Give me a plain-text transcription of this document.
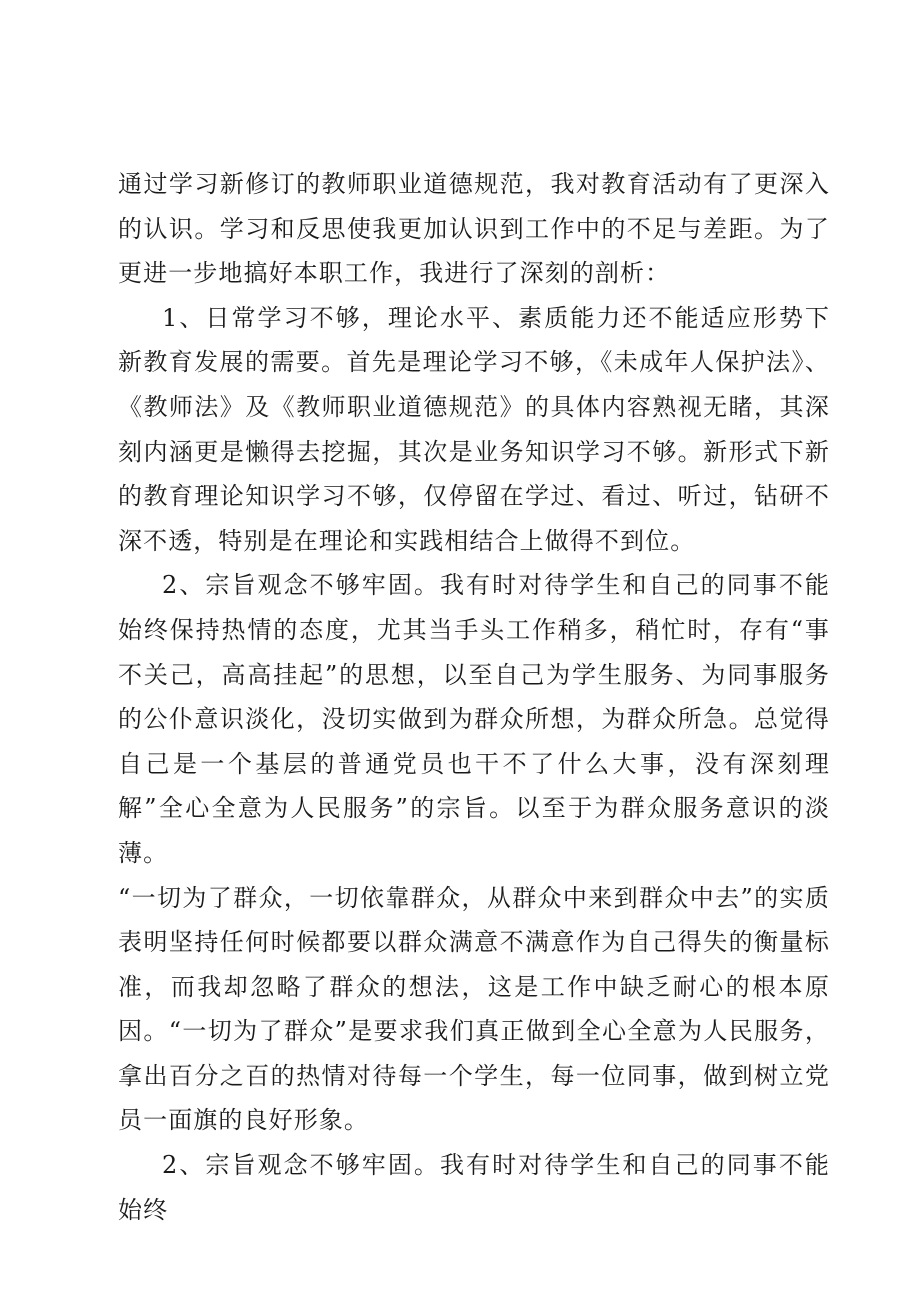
通过学习新修订的教师职业道德规范，我对教育活动有了更深入的认识。学习和反思使我更加认识到工作中的不足与差距。为了更进一步地搞好本职工作，我进行了深刻的剖析：

1、日常学习不够，理论水平、素质能力还不能适应形势下新教育发展的需要。首先是理论学习不够，《未成年人保护法》、《教师法》及《教师职业道德规范》的具体内容熟视无睹，其深刻内涵更是懒得去挖掘，其次是业务知识学习不够。新形式下新的教育理论知识学习不够，仅停留在学过、看过、听过，钻研不深不透，特别是在理论和实践相结合上做得不到位。

2、宗旨观念不够牢固。我有时对待学生和自己的同事不能始终保持热情的态度，尤其当手头工作稍多，稍忙时，存有“事不关己，高高挂起”的思想，以至自己为学生服务、为同事服务的公仆意识淡化，没切实做到为群众所想，为群众所急。总觉得自己是一个基层的普通党员也干不了什么大事，没有深刻理解”全心全意为人民服务”的宗旨。以至于为群众服务意识的淡薄。

“一切为了群众，一切依靠群众，从群众中来到群众中去”的实质表明坚持任何时候都要以群众满意不满意作为自己得失的衡量标准，而我却忽略了群众的想法，这是工作中缺乏耐心的根本原因。“一切为了群众”是要求我们真正做到全心全意为人民服务，拿出百分之百的热情对待每一个学生，每一位同事，做到树立党员一面旗的良好形象。

2、宗旨观念不够牢固。我有时对待学生和自己的同事不能始终
